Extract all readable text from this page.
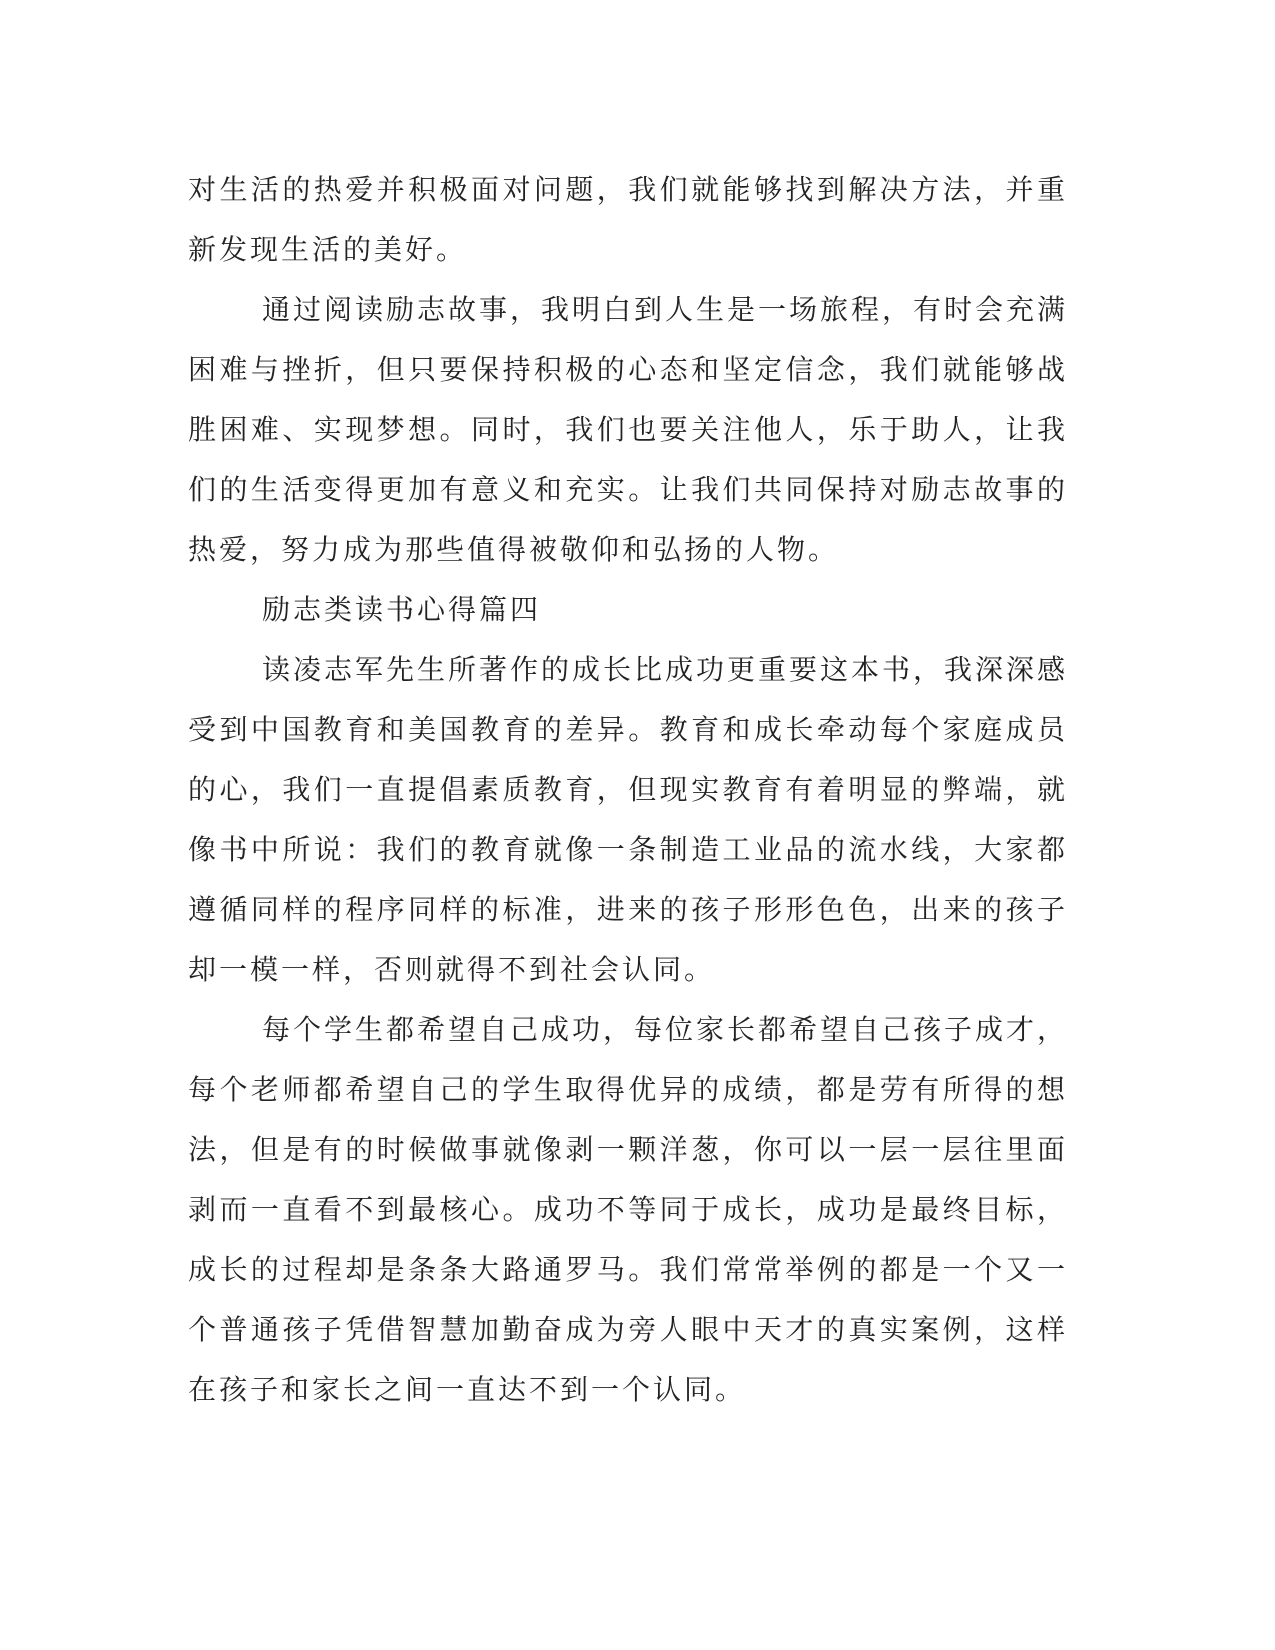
对生活的热爱并积极面对问题，我们就能够找到解决方法，并重新发现生活的美好。

通过阅读励志故事，我明白到人生是一场旅程，有时会充满困难与挫折，但只要保持积极的心态和坚定信念，我们就能够战胜困难、实现梦想。同时，我们也要关注他人，乐于助人，让我们的生活变得更加有意义和充实。让我们共同保持对励志故事的热爱，努力成为那些值得被敬仰和弘扬的人物。

励志类读书心得篇四

读凌志军先生所著作的成长比成功更重要这本书，我深深感受到中国教育和美国教育的差异。教育和成长牵动每个家庭成员的心，我们一直提倡素质教育，但现实教育有着明显的弊端，就像书中所说：我们的教育就像一条制造工业品的流水线，大家都遵循同样的程序同样的标准，进来的孩子形形色色，出来的孩子却一模一样，否则就得不到社会认同。

每个学生都希望自己成功，每位家长都希望自己孩子成才，每个老师都希望自己的学生取得优异的成绩，都是劳有所得的想法，但是有的时候做事就像剥一颗洋葱，你可以一层一层往里面剥而一直看不到最核心。成功不等同于成长，成功是最终目标，成长的过程却是条条大路通罗马。我们常常举例的都是一个又一个普通孩子凭借智慧加勤奋成为旁人眼中天才的真实案例，这样在孩子和家长之间一直达不到一个认同。
